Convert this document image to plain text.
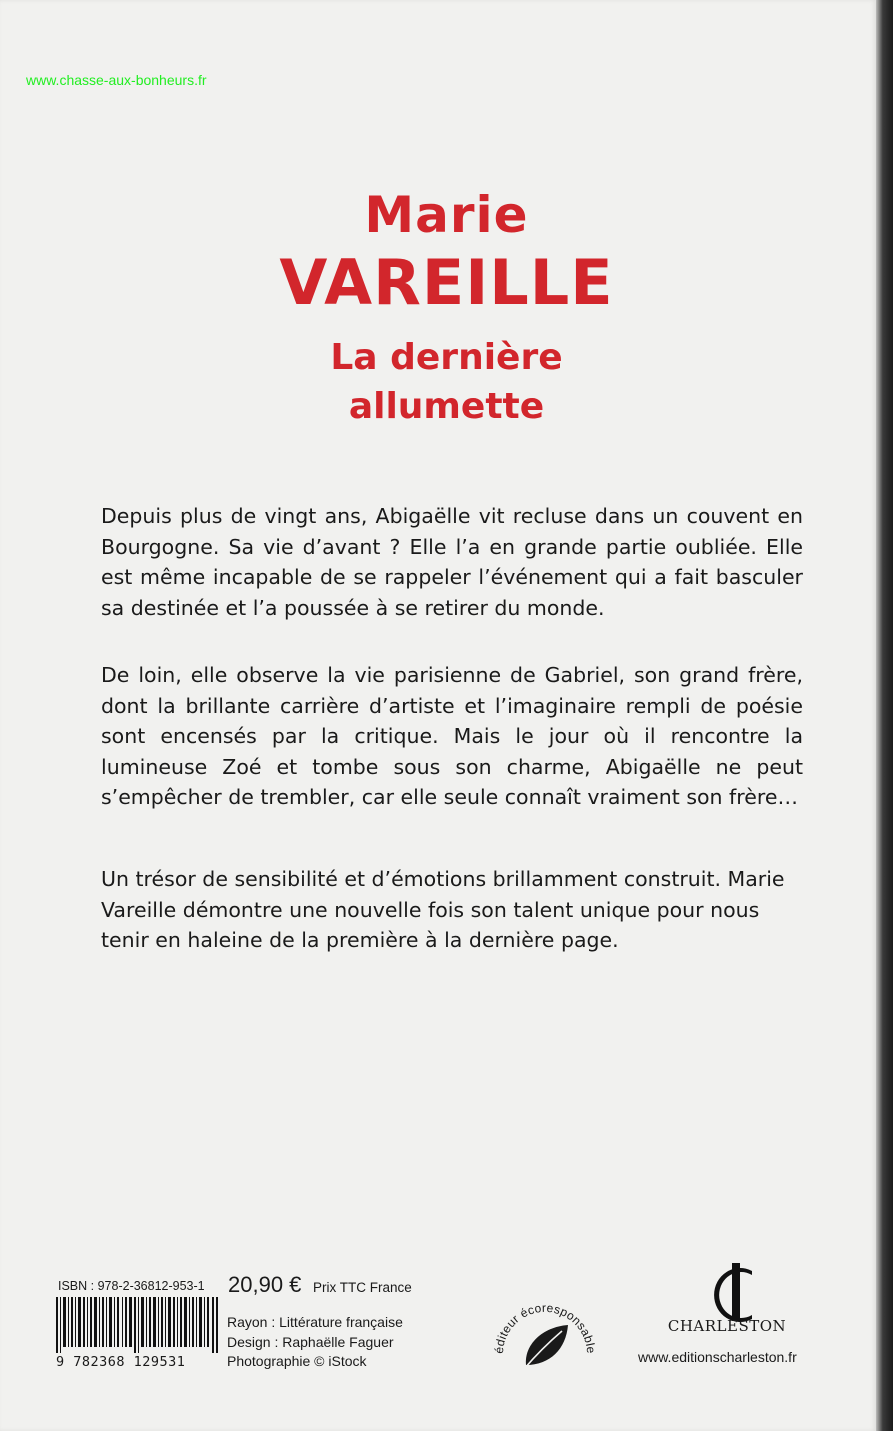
www.chasse-aux-bonheurs.fr
Marie
VAREILLE
La dernière
allumette
Depuis plus de vingt ans, Abigaëlle vit recluse dans un couvent en Bourgogne. Sa vie d’avant ? Elle l’a en grande partie oubliée. Elle est même incapable de se rappeler l’événement qui a fait basculer sa destinée et l’a poussée à se retirer du monde.
De loin, elle observe la vie parisienne de Gabriel, son grand frère, dont la brillante carrière d’artiste et l’imaginaire rempli de poésie sont encensés par la critique. Mais le jour où il rencontre la lumineuse Zoé et tombe sous son charme, Abigaëlle ne peut s’empêcher de trembler, car elle seule connaît vraiment son frère…
Un trésor de sensibilité et d’émotions brillamment construit. Marie Vareille démontre une nouvelle fois son talent unique pour nous tenir en haleine de la première à la dernière page.
ISBN : 978-2-36812-953-1
9 782368 129531
20,90 € Prix TTC France
Rayon : Littérature française
Design : Raphaëlle Faguer
Photographie © iStock
éditeur écoresponsable
CHARLESTON
www.editionscharleston.fr
